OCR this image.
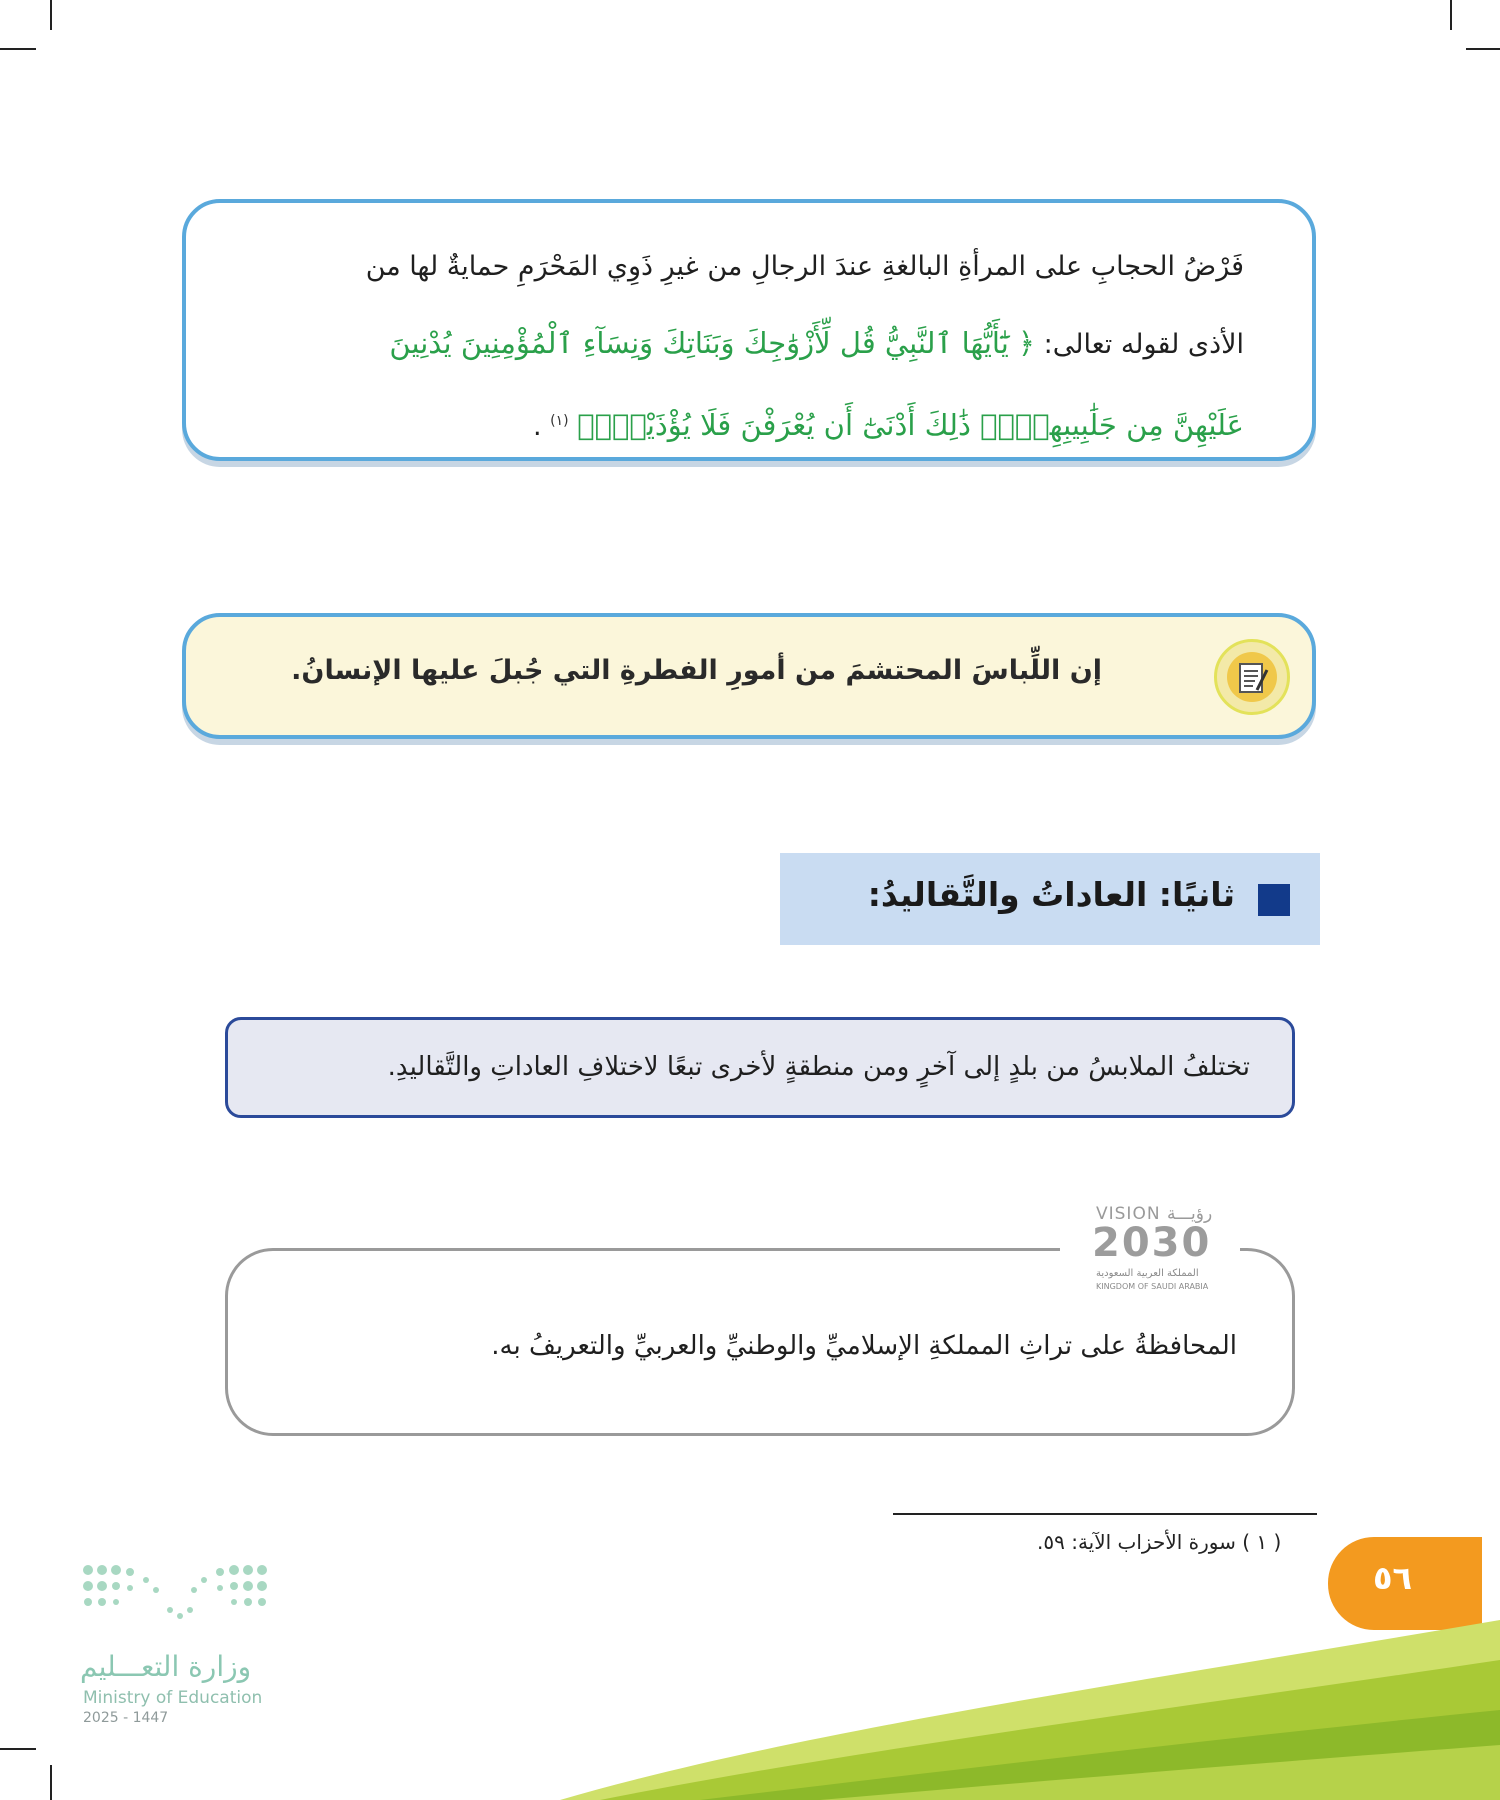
فَرْضُ الحجابِ على المرأةِ البالغةِ عندَ الرجالِ من غيرِ ذَوِي المَحْرَمِ حمايةٌ لها من
الأذى لقوله تعالى: ﴿ يَٰٓأَيُّهَا ٱلنَّبِيُّ قُل لِّأَزْوَٰجِكَ وَبَنَاتِكَ وَنِسَآءِ ٱلْمُؤْمِنِينَ يُدْنِينَ
عَلَيْهِنَّ مِن جَلَٰبِيبِهِنَّۚ ذَٰلِكَ أَدْنَىٰٓ أَن يُعْرَفْنَ فَلَا يُؤْذَيْنَۗ﴾ $^{(١)}$ .
إن اللِّباسَ المحتشمَ من أمورِ الفطرةِ التي جُبلَ عليها الإنسانُ.
ثانيًا: العاداتُ والتَّقاليدُ:
تختلفُ الملابسُ من بلدٍ إلى آخرٍ ومن منطقةٍ لأخرى تبعًا لاختلافِ العاداتِ والتَّقاليدِ.
المحافظةُ على تراثِ المملكةِ الإسلاميِّ والوطنيِّ والعربيِّ والتعريفُ به.
VISION رؤيـــة
2030
المملكة العربية السعودية
KINGDOM OF SAUDI ARABIA
( ١ ) سورة الأحزاب الآية: ٥٩.
٥٦
وزارة التعـــليم
Ministry of Education
2025 - 1447
